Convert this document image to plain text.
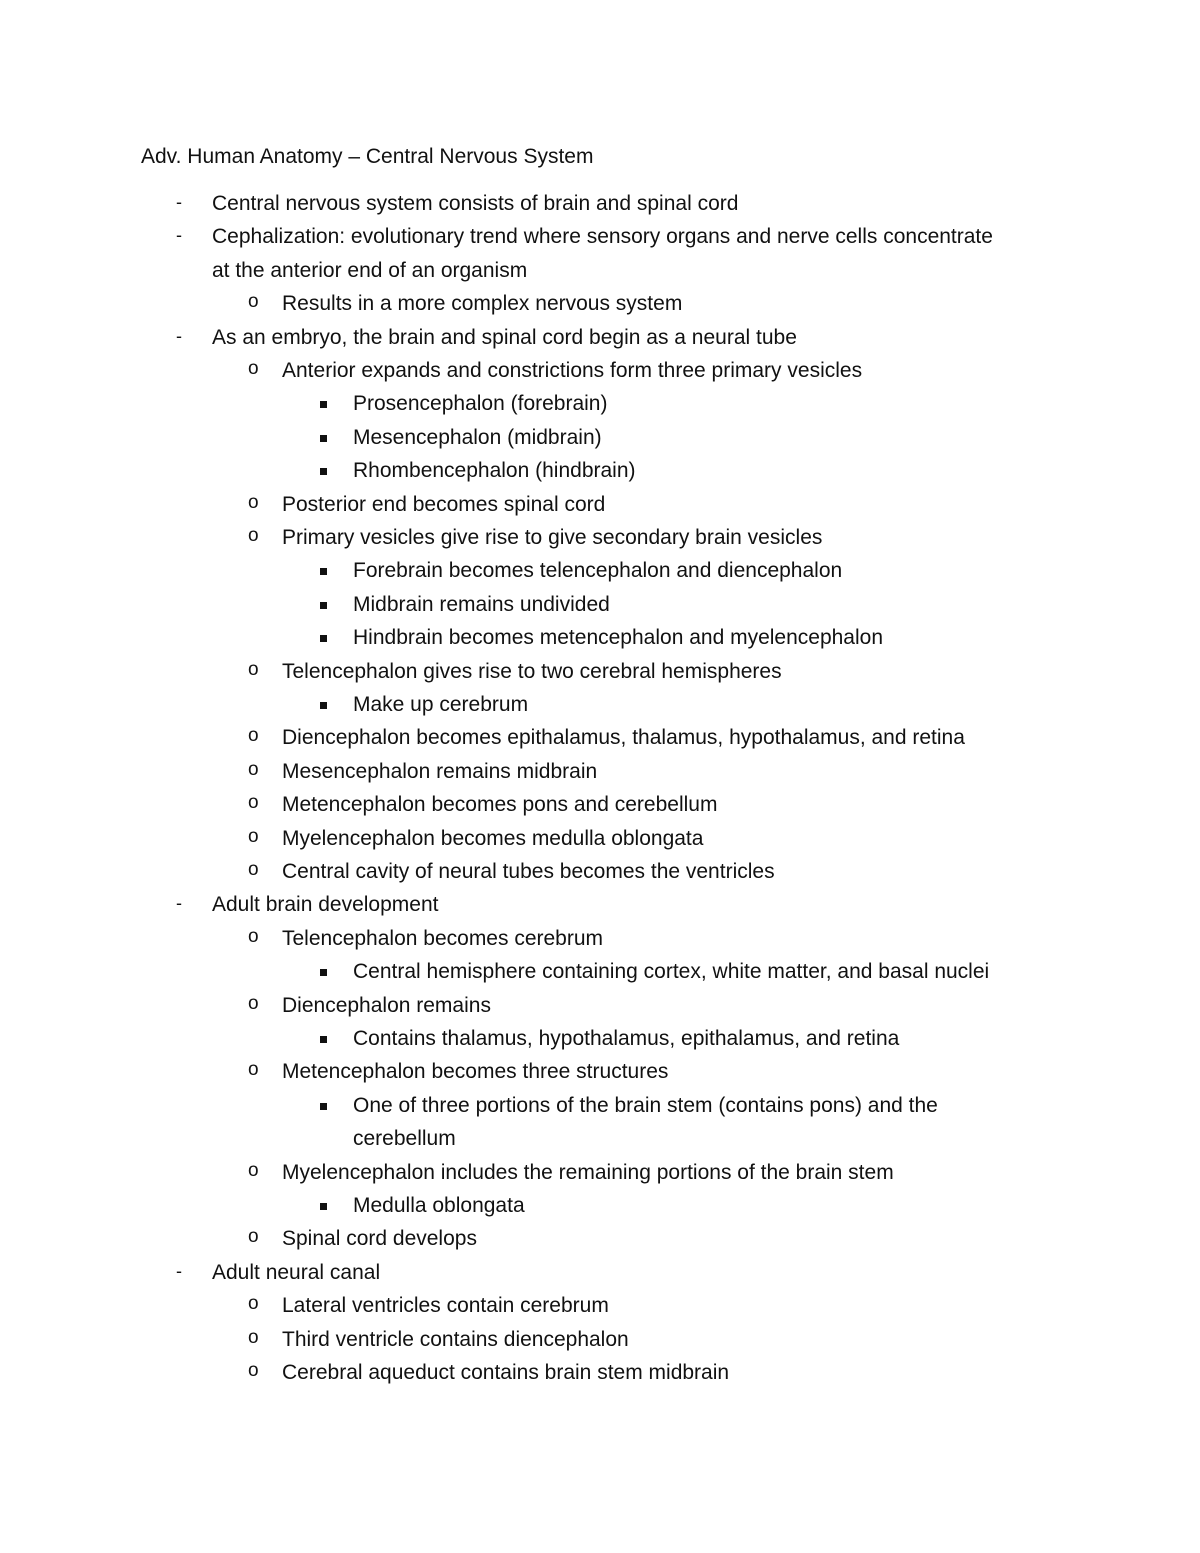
Adv. Human Anatomy – Central Nervous System
- Central nervous system consists of brain and spinal cord
- Cephalization: evolutionary trend where sensory organs and nerve cells concentrate
at the anterior end of an organism
o Results in a more complex nervous system
- As an embryo, the brain and spinal cord begin as a neural tube
o Anterior expands and constrictions form three primary vesicles
Prosencephalon (forebrain)
Mesencephalon (midbrain)
Rhombencephalon (hindbrain)
o Posterior end becomes spinal cord
o Primary vesicles give rise to give secondary brain vesicles
Forebrain becomes telencephalon and diencephalon
Midbrain remains undivided
Hindbrain becomes metencephalon and myelencephalon
o Telencephalon gives rise to two cerebral hemispheres
Make up cerebrum
o Diencephalon becomes epithalamus, thalamus, hypothalamus, and retina
o Mesencephalon remains midbrain
o Metencephalon becomes pons and cerebellum
o Myelencephalon becomes medulla oblongata
o Central cavity of neural tubes becomes the ventricles
- Adult brain development
o Telencephalon becomes cerebrum
Central hemisphere containing cortex, white matter, and basal nuclei
o Diencephalon remains
Contains thalamus, hypothalamus, epithalamus, and retina
o Metencephalon becomes three structures
One of three portions of the brain stem (contains pons) and the
cerebellum
o Myelencephalon includes the remaining portions of the brain stem
Medulla oblongata
o Spinal cord develops
- Adult neural canal
o Lateral ventricles contain cerebrum
o Third ventricle contains diencephalon
o Cerebral aqueduct contains brain stem midbrain
